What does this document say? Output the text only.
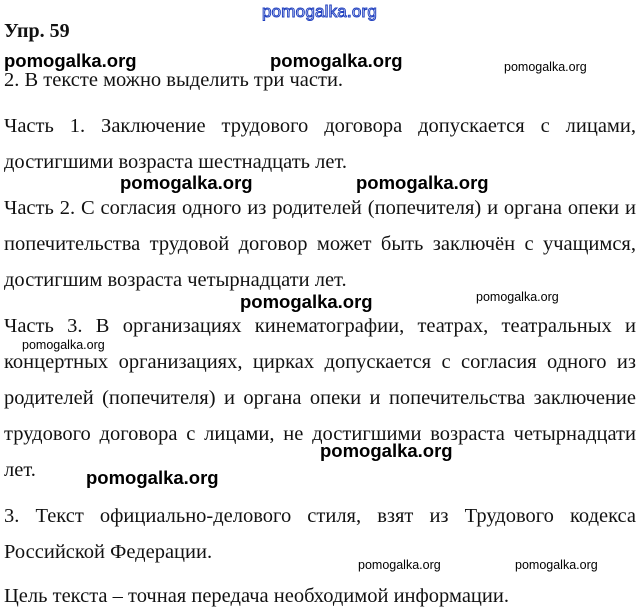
pomogalka.org
Упр. 59
2. В тексте можно выделить три части.
Часть 1. Заключение трудового договора допускается с лицами,
достигшими возраста шестнадцать лет.
Часть 2. С согласия одного из родителей (попечителя) и органа опеки и
попечительства трудовой договор может быть заключён с учащимся,
достигшим возраста четырнадцати лет.
Часть 3. В организациях кинематографии, театрах, театральных и
концертных организациях, цирках допускается с согласия одного из
родителей (попечителя) и органа опеки и попечительства заключение
трудового договора с лицами, не достигшими возраста четырнадцати
лет.
3. Текст официально-делового стиля, взят из Трудового кодекса
Российской Федерации.
Цель текста – точная передача необходимой информации.
pomogalka.org	pomogalka.org	pomogalka.org
pomogalka.org	pomogalka.org
pomogalka.org	pomogalka.org
pomogalka.org
pomogalka.org
pomogalka.org
pomogalka.org	pomogalka.org
